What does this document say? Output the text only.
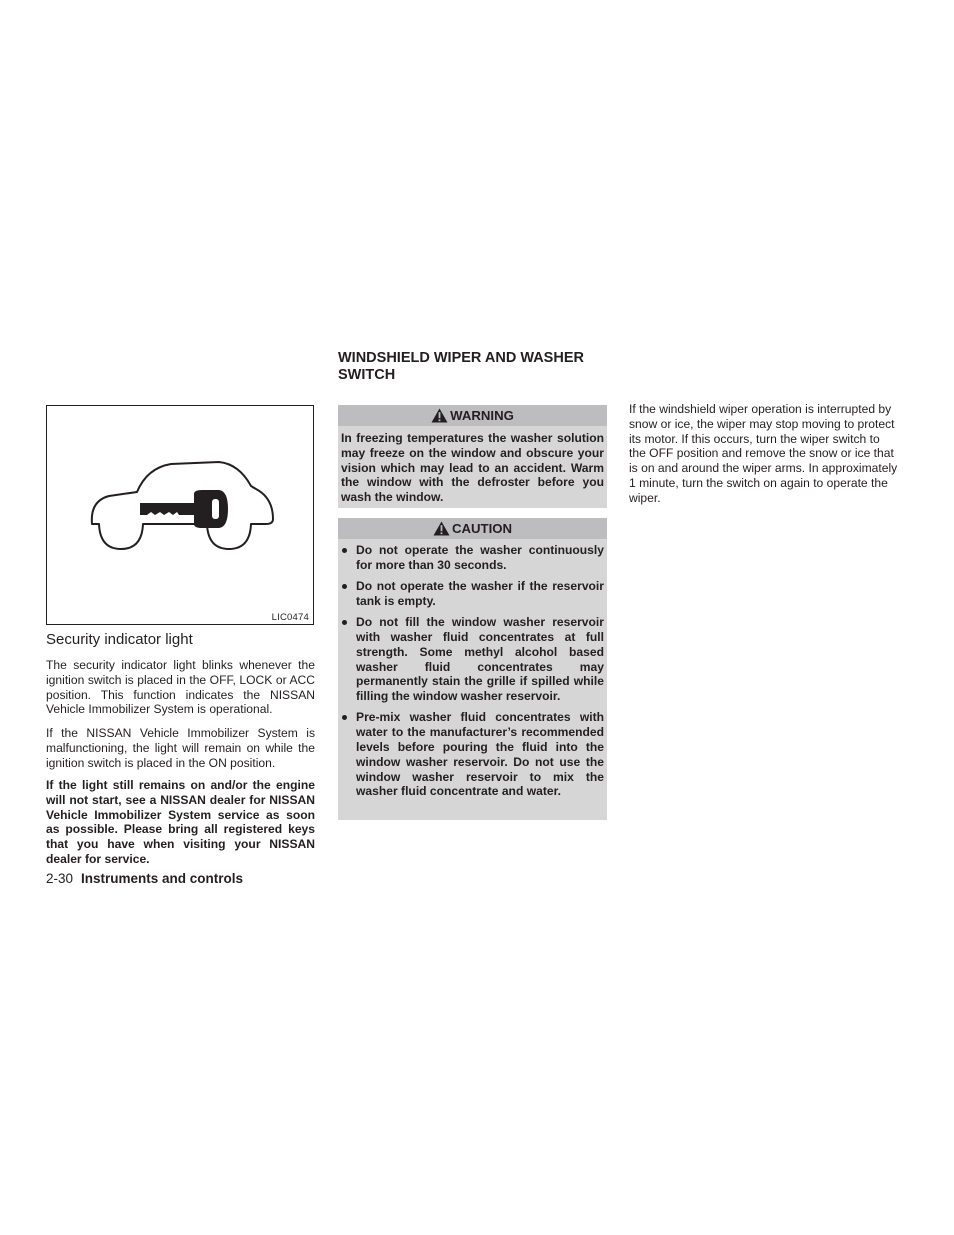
LIC0474
Security indicator light

The security indicator light blinks whenever the ignition switch is placed in the OFF, LOCK or ACC position. This function indicates the NISSAN Vehicle Immobilizer System is operational.

If the NISSAN Vehicle Immobilizer System is malfunctioning, the light will remain on while the ignition switch is placed in the ON position.

If the light still remains on and/or the engine will not start, see a NISSAN dealer for NISSAN Vehicle Immobilizer System service as soon as possible. Please bring all registered keys that you have when visiting your NISSAN dealer for service.

2-30 Instruments and controls
WINDSHIELD WIPER AND WASHER SWITCH
WARNING
In freezing temperatures the washer solution may freeze on the window and obscure your vision which may lead to an accident. Warm the window with the defroster before you wash the window.
CAUTION
Do not operate the washer continuously for more than 30 seconds.
Do not operate the washer if the reservoir tank is empty.
Do not fill the window washer reservoir with washer fluid concentrates at full strength. Some methyl alcohol based washer fluid concentrates may permanently stain the grille if spilled while filling the window washer reservoir.
Pre-mix washer fluid concentrates with water to the manufacturer’s recommended levels before pouring the fluid into the window washer reservoir. Do not use the window washer reservoir to mix the washer fluid concentrate and water.

If the windshield wiper operation is interrupted by snow or ice, the wiper may stop moving to protect its motor. If this occurs, turn the wiper switch to the OFF position and remove the snow or ice that is on and around the wiper arms. In approximately 1 minute, turn the switch on again to operate the wiper.
